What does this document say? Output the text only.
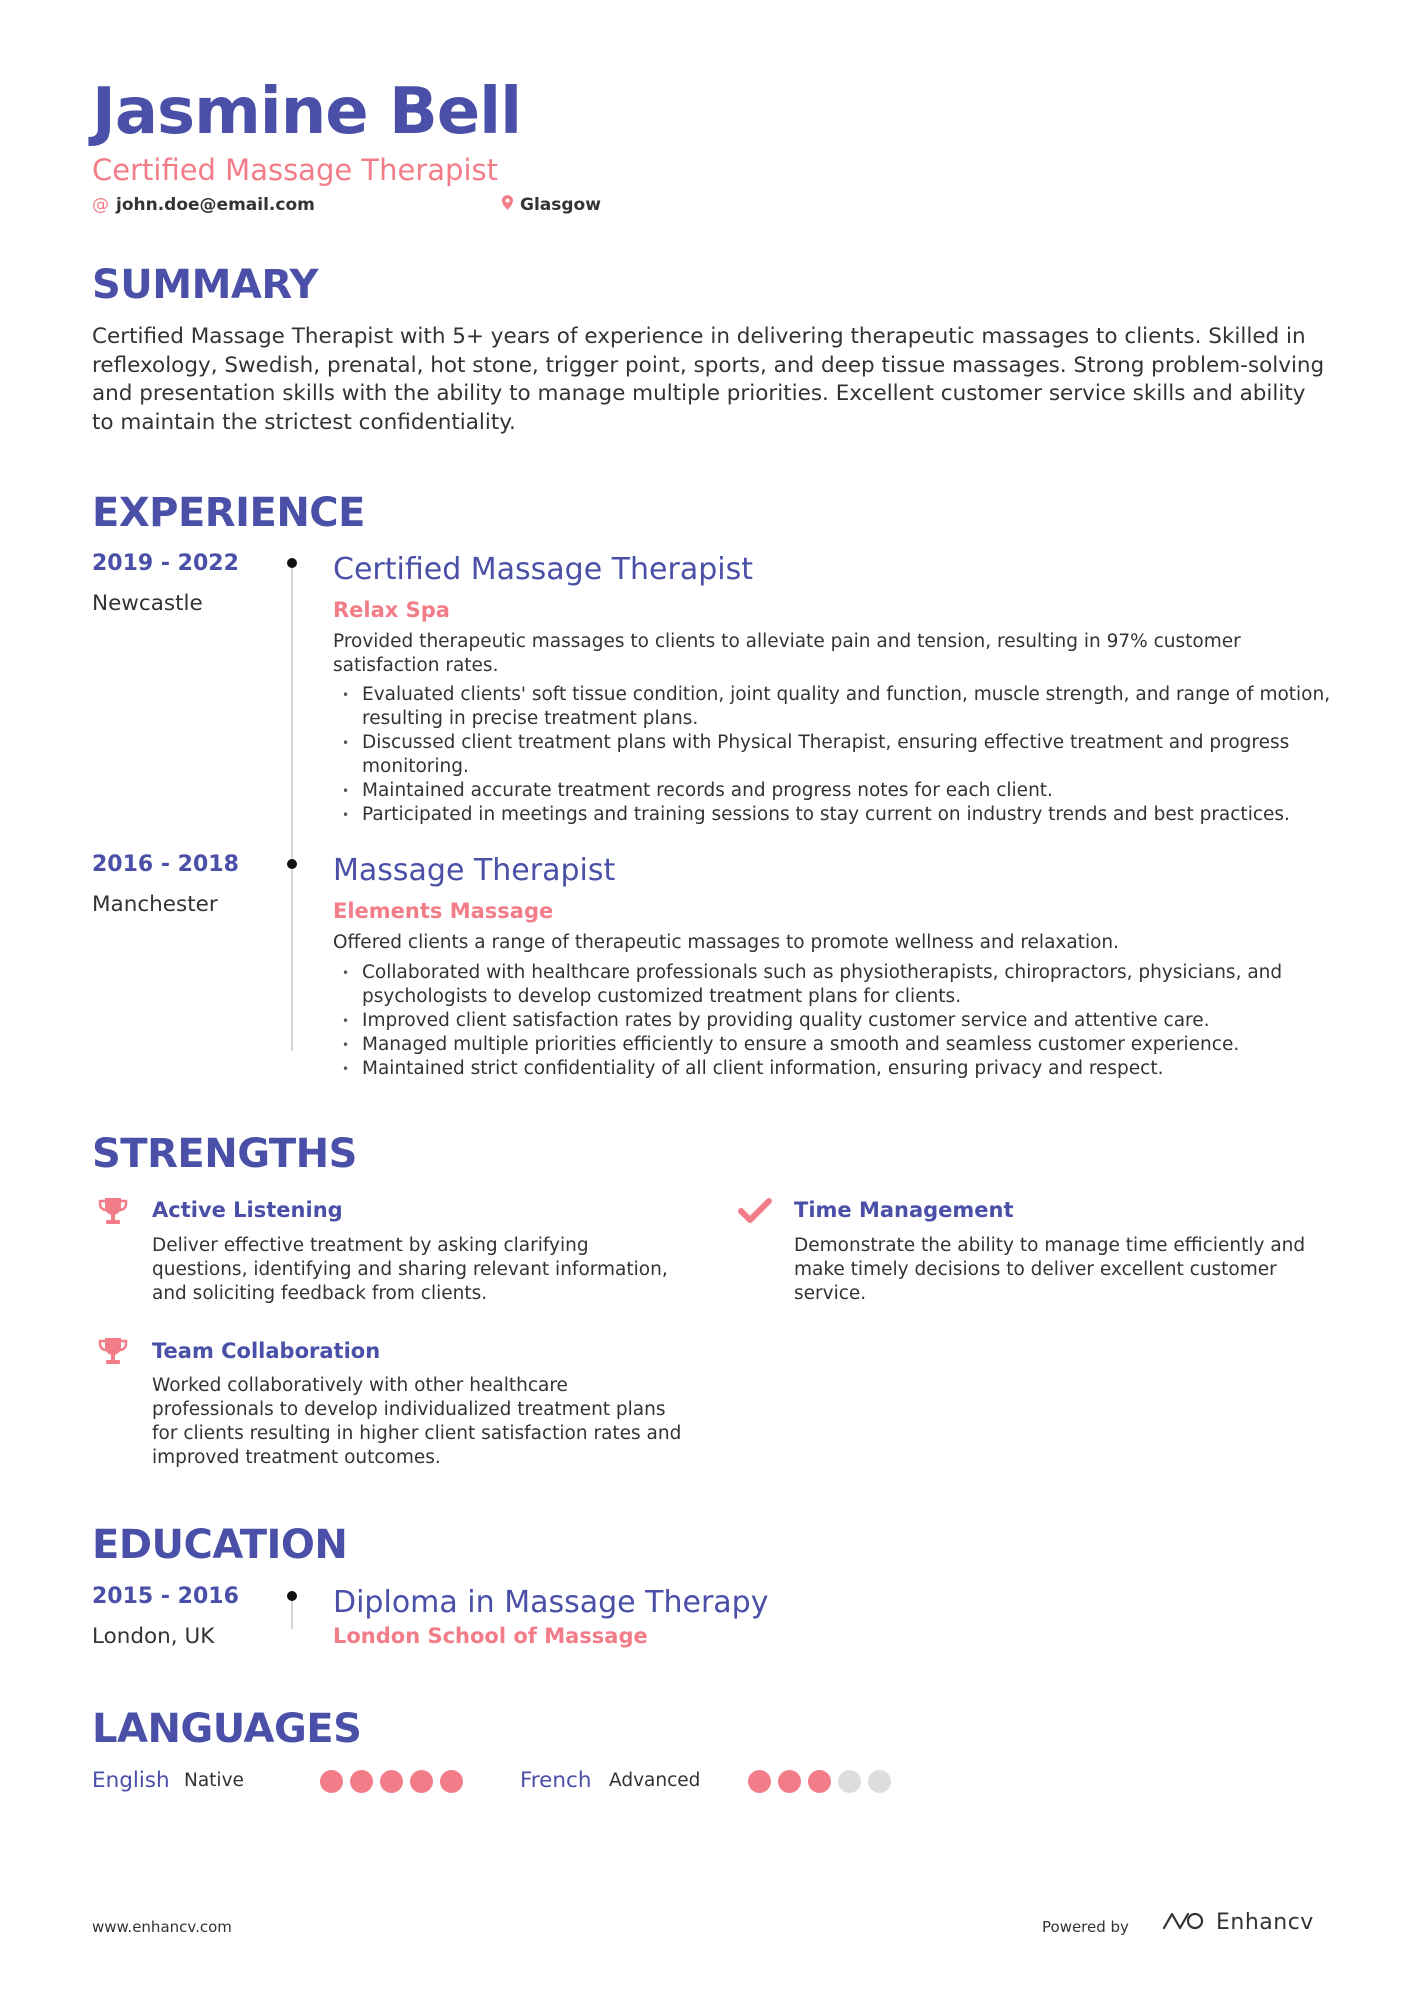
Jasmine Bell
Certified Massage Therapist
@ john.doe@email.com	Glasgow
SUMMARY

Certified Massage Therapist with 5+ years of experience in delivering therapeutic massages to clients. Skilled in reflexology, Swedish, prenatal, hot stone, trigger point, sports, and deep tissue massages. Strong problem-solving and presentation skills with the ability to manage multiple priorities. Excellent customer service skills and ability to maintain the strictest confidentiality.

EXPERIENCE
2019 - 2022
Newcastle
Certified Massage Therapist
Relax Spa

Provided therapeutic massages to clients to alleviate pain and tension, resulting in 97% customer satisfaction rates.

• Evaluated clients' soft tissue condition, joint quality and function, muscle strength, and range of motion, resulting in precise treatment plans.
• Discussed client treatment plans with Physical Therapist, ensuring effective treatment and progress monitoring.
• Maintained accurate treatment records and progress notes for each client.
• Participated in meetings and training sessions to stay current on industry trends and best practices.
2016 - 2018
Manchester
Massage Therapist
Elements Massage

Offered clients a range of therapeutic massages to promote wellness and relaxation.

• Collaborated with healthcare professionals such as physiotherapists, chiropractors, physicians, and psychologists to develop customized treatment plans for clients.
• Improved client satisfaction rates by providing quality customer service and attentive care.
• Managed multiple priorities efficiently to ensure a smooth and seamless customer experience.
• Maintained strict confidentiality of all client information, ensuring privacy and respect.
STRENGTHS
Active Listening

Deliver effective treatment by asking clarifying questions, identifying and sharing relevant information, and soliciting feedback from clients.

Time Management

Demonstrate the ability to manage time efficiently and make timely decisions to deliver excellent customer service.

Team Collaboration

Worked collaboratively with other healthcare professionals to develop individualized treatment plans for clients resulting in higher client satisfaction rates and improved treatment outcomes.

EDUCATION
2015 - 2016
London, UK
Diploma in Massage Therapy
London School of Massage
LANGUAGES
English Native	French Advanced
www.enhancv.com	Powered by	Enhancv
